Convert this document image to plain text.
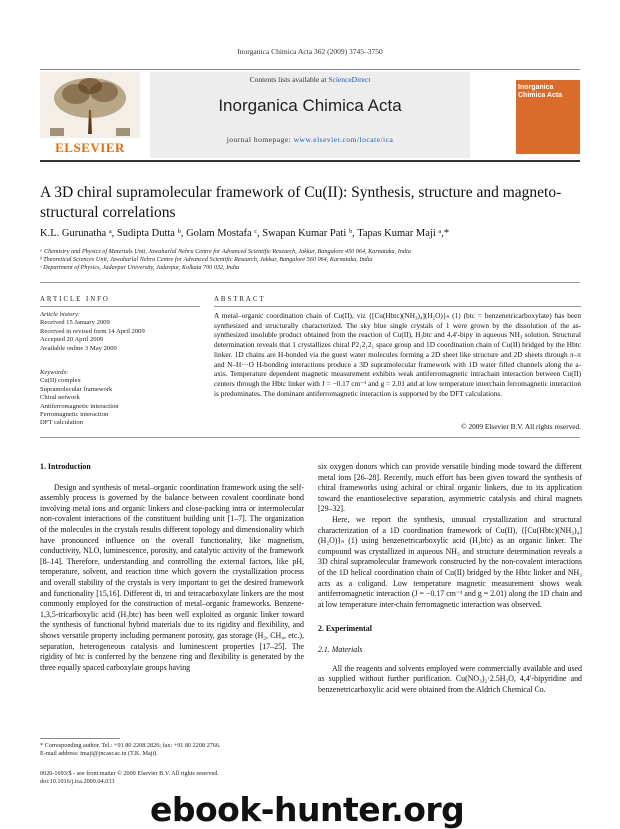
Inorganica Chimica Acta 362 (2009) 3745–3750
ELSEVIER
Contents lists available at ScienceDirect
Inorganica Chimica Acta
journal homepage: www.elsevier.com/locate/ica
Inorganica Chimica Acta
A 3D chiral supramolecular framework of Cu(II): Synthesis, structure and magneto-structural correlations
K.L. Gurunatha ᵃ, Sudipta Dutta ᵇ, Golam Mostafa ᶜ, Swapan Kumar Pati ᵇ, Tapas Kumar Maji ᵃ,*
ᵃ Chemistry and Physics of Materials Unit, Jawaharlal Nehru Centre for Advanced Scientific Research, Jakkur, Bangalore 450 064, Karnataka, India
ᵇ Theoretical Sciences Unit, Jawaharlal Nehru Centre for Advanced Scientific Research, Jakkur, Bangalore 560 064, Karnataka, India
ᶜ Department of Physics, Jadavpur University, Jadavpur, Kolkata 700 032, India
ARTICLE INFO	ABSTRACT
Article history:
Received 15 January 2009
Received in revised form 14 April 2009
Accepted 20 April 2009
Available online 3 May 2009
Keywords:
Cu(II) complex
Supramolecular framework
Chiral network
Antiferromagnetic interaction
Ferromagnetic interaction
DFT calculation
A metal–organic coordination chain of Cu(II), viz {[Cu(Hbtc)(NH₃)₄](H₂O)}ₙ (1) (btc = benzenetricarboxylate) has been synthesized and structurally characterized. The sky blue single crystals of 1 were grown by the dissolution of the as-synthesized insoluble product obtained from the reaction of Cu(II), H₃btc and 4,4′-bipy in aqueous NH₃ solution. Structural determination reveals that 1 crystallizes chiral P2₁2₁2₁ space group and 1D coordination chain of Cu(II) bridged by the Hbtc linker. 1D chains are H-bonded via the guest water molecules forming a 2D sheet like structure and 2D sheets through π–π and N–H···O H-bonding interactions produce a 3D supramolecular framework with 1D water filled channels along the a-axis. Temperature dependent magnetic measurement exhibits weak antiferromagnetic intrachain interaction between Cu(II) centers through the Hbtc linker with J = −0.17 cm⁻¹ and g = 2.01 and at low temperature interchain ferromagnetic interaction is predominates. The dominant antiferromagnetic interaction is supported by the DFT calculations.
© 2009 Elsevier B.V. All rights reserved.
1. Introduction

Design and synthesis of metal–organic coordination framework using the self-assembly process is governed by the balance between covalent coordinate bond involving metal ions and organic linkers and close-packing intra or intermolecular non-covalent interactions of the constituent building unit [1–7]. The organization of the molecules in the crystals results different topology and dimensionality which have pronounced influence on the overall functionality, like magnetism, conductivity, NLO, luminescence, porosity, and catalytic activity of the framework [8–14]. Therefore, understanding and controlling the external factors, like pH, temperature, solvent, and reaction time which govern the crystallization process and overall stability of the crystals is very important to get the desired framework and functionality [15,16]. Different di, tri and tetracarboxylate linkers are the most commonly employed for the construction of metal–organic frameworks. Benzene-1,3,5-tricarboxylic acid (H₃btc) has been well exploited as organic linker toward the synthesis of functional hybrid materials due to its rigidity and flexibility, and shows versatile property including permanent porosity, gas storage (H₂, CH₄, etc.), separation, heterogeneous catalysis and luminescent properties [17–25]. The rigidity of btc is conferred by the benzene ring and flexibility is generated by the three equally spaced carboxylate groups having

six oxygen donors which can provide versatile binding mode toward the different metal ions [26–28]. Recently, much effort has been given toward the synthesis of chiral frameworks using achiral or chiral organic linkers, due to its application toward the enantioselective separation, asymmetric catalysis and chiral magnets [29–32].

Here, we report the synthesis, unusual crystallization and structural characterization of a 1D coordination framework of Cu(II), {[Cu(Hbtc)(NH₃)₄](H₂O)}ₙ (1) using benzenetricarboxylic acid (H₃btc) as an organic linker. The compound was crystallized in aqueous NH₃ and structure determination reveals a 3D chiral supramolecular framework constructed by the non-covalent interactions of the 1D helical coordination chain of Cu(II) bridged by the Hbtc linker and NH₃ acts as a coligand. Low temperature magnetic measurement shows weak antiferromagnetic interaction (J = −0.17 cm⁻¹ and g = 2.01) along the 1D chain and at low temperature inter-chain ferromagnetic interaction was observed.

2. Experimental
2.1. Materials

All the reagents and solvents employed were commercially available and used as supplied without further purification. Cu(NO₃)₂·2.5H₂O, 4,4′-bipyridine and benzenetricarboxylic acid were obtained from the Aldrich Chemical Co.

* Corresponding author. Tel.: +91 80 2208 2826; fax: +91 80 2208 2766.
E-mail address: tmaji@jncasr.ac.in (T.K. Maji).
0020-1693/$ - see front matter © 2009 Elsevier B.V. All rights reserved.
doi:10.1016/j.ica.2009.04.033
ebook-hunter.org
